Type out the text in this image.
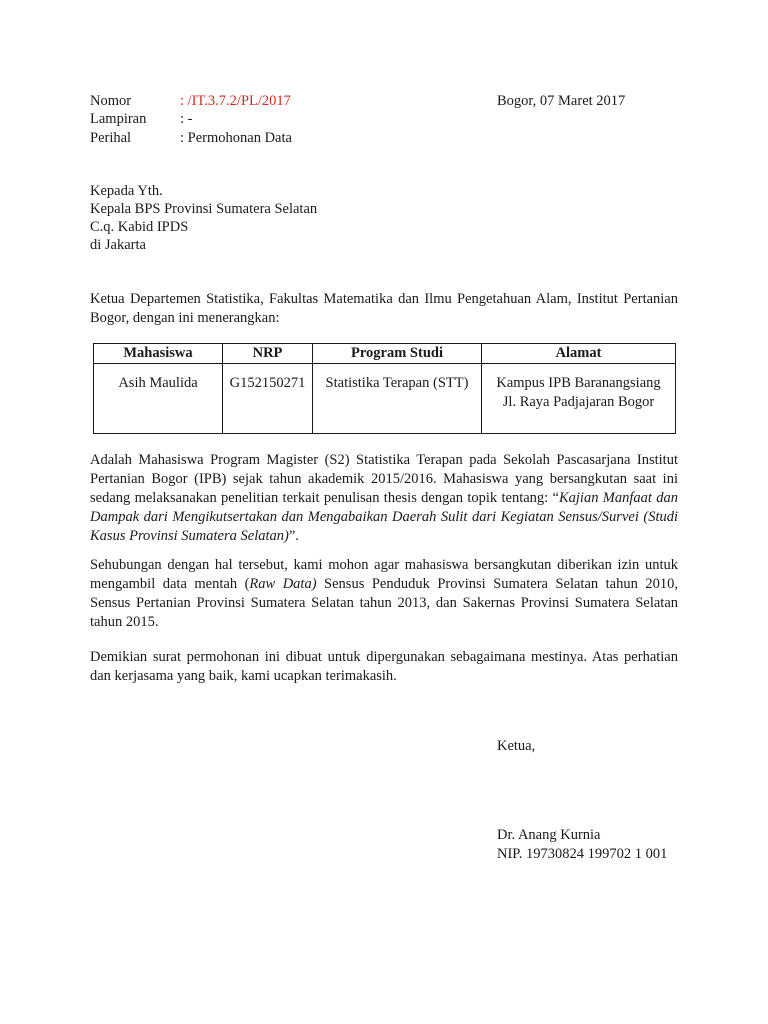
Nomor	: /IT.3.7.2/PL/2017	Bogor, 07 Maret 2017
Lampiran : -
Perihal	: Permohonan Data
Kepada Yth.
Kepala BPS Provinsi Sumatera Selatan
C.q. Kabid IPDS
di Jakarta

Ketua Departemen Statistika, Fakultas Matematika dan Ilmu Pengetahuan Alam, Institut Pertanian Bogor, dengan ini menerangkan:

Mahasiswa	NRP	Program Studi	Alamat
Asih Maulida	G152150271	Statistika Terapan (STT)	Kampus IPB Baranangsiang
Jl. Raya Padjajaran Bogor

Adalah Mahasiswa Program Magister (S2) Statistika Terapan pada Sekolah Pascasarjana Institut Pertanian Bogor (IPB) sejak tahun akademik 2015/2016. Mahasiswa yang bersangkutan saat ini sedang melaksanakan penelitian terkait penulisan thesis dengan topik tentang: “Kajian Manfaat dan Dampak dari Mengikutsertakan dan Mengabaikan Daerah Sulit dari Kegiatan Sensus/Survei (Studi Kasus Provinsi Sumatera Selatan)”.

Sehubungan dengan hal tersebut, kami mohon agar mahasiswa bersangkutan diberikan izin untuk mengambil data mentah (Raw Data) Sensus Penduduk Provinsi Sumatera Selatan tahun 2010, Sensus Pertanian Provinsi Sumatera Selatan tahun 2013, dan Sakernas Provinsi Sumatera Selatan tahun 2015.

Demikian surat permohonan ini dibuat untuk dipergunakan sebagaimana mestinya. Atas perhatian dan kerjasama yang baik, kami ucapkan terimakasih.

Ketua,
Dr. Anang Kurnia
NIP. 19730824 199702 1 001
